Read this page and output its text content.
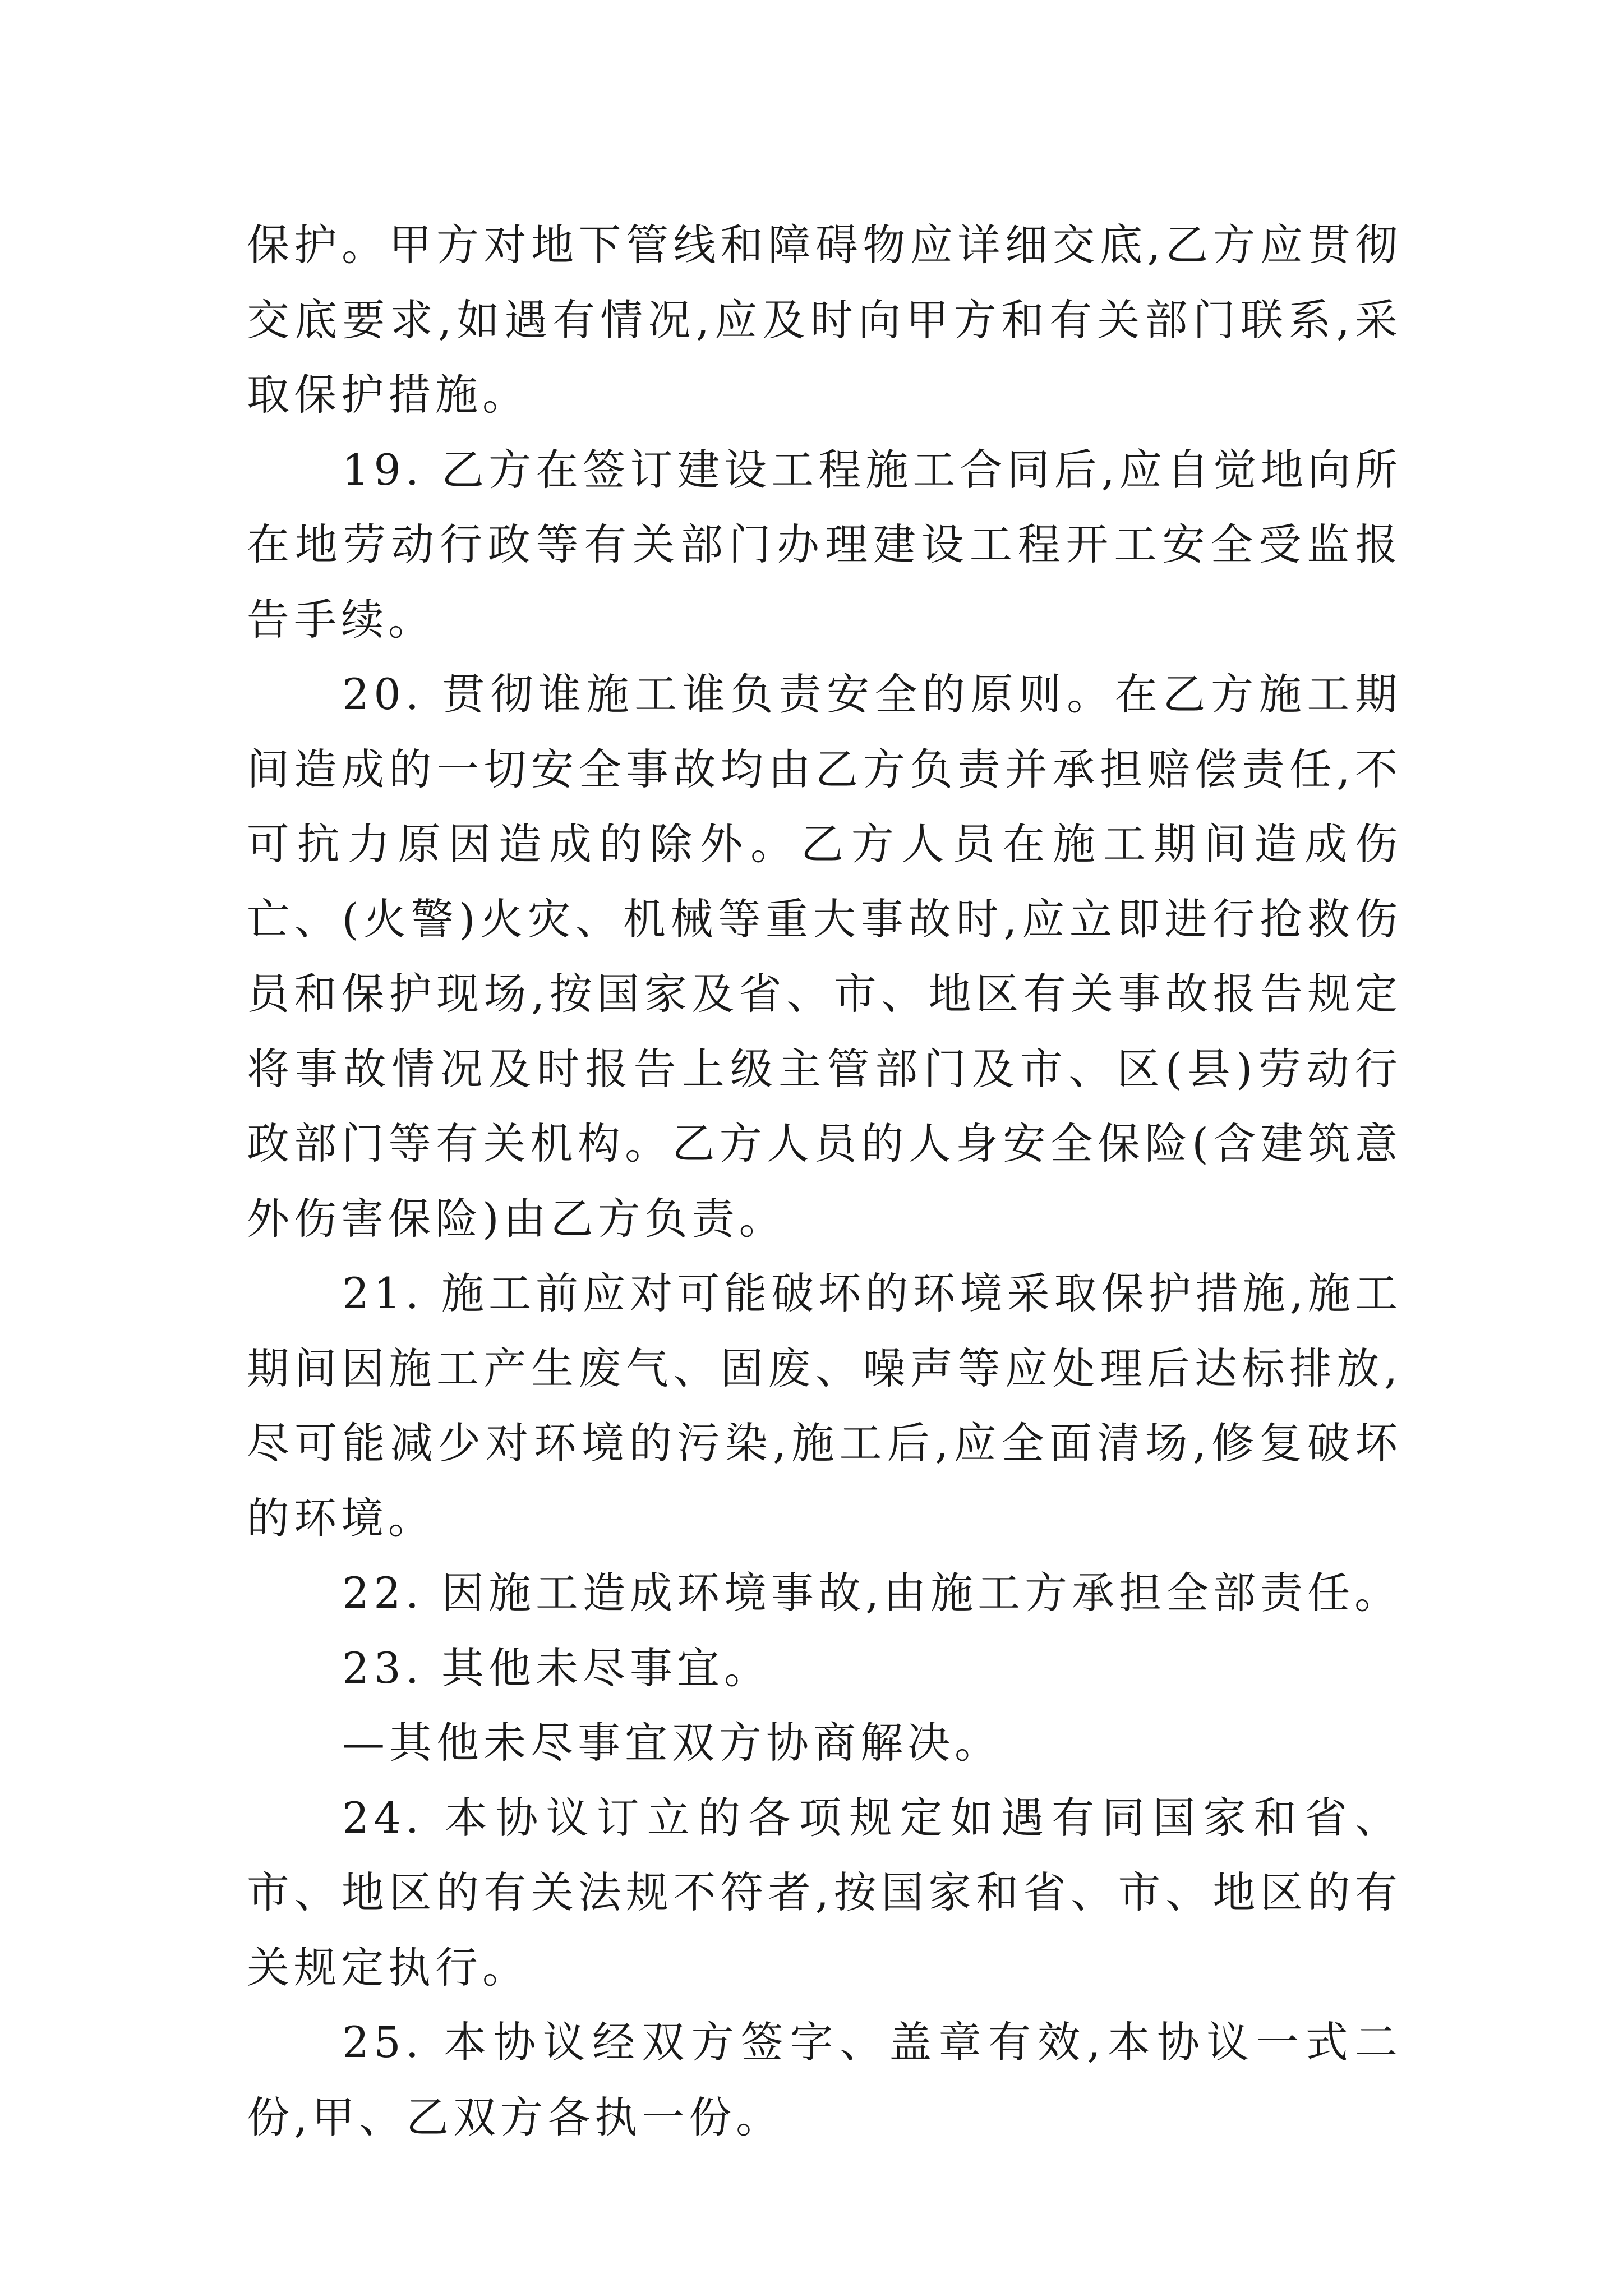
保护。甲方对地下管线和障碍物应详细交底,乙方应贯彻交底要求,如遇有情况,应及时向甲方和有关部门联系,采取保护措施。

19. 乙方在签订建设工程施工合同后,应自觉地向所在地劳动行政等有关部门办理建设工程开工安全受监报告手续。

20. 贯彻谁施工谁负责安全的原则。在乙方施工期间造成的一切安全事故均由乙方负责并承担赔偿责任,不可抗力原因造成的除外。乙方人员在施工期间造成伤亡、(火警)火灾、机械等重大事故时,应立即进行抢救伤员和保护现场,按国家及省、市、地区有关事故报告规定将事故情况及时报告上级主管部门及市、区(县)劳动行政部门等有关机构。乙方人员的人身安全保险(含建筑意外伤害保险)由乙方负责。

21. 施工前应对可能破坏的环境采取保护措施,施工期间因施工产生废气、固废、噪声等应处理后达标排放,尽可能减少对环境的污染,施工后,应全面清场,修复破坏的环境。

22. 因施工造成环境事故,由施工方承担全部责任。

23. 其他未尽事宜。

—其他未尽事宜双方协商解决。

24. 本协议订立的各项规定如遇有同国家和省、市、地区的有关法规不符者,按国家和省、市、地区的有关规定执行。

25. 本协议经双方签字、盖章有效,本协议一式二份,甲、乙双方各执一份。
